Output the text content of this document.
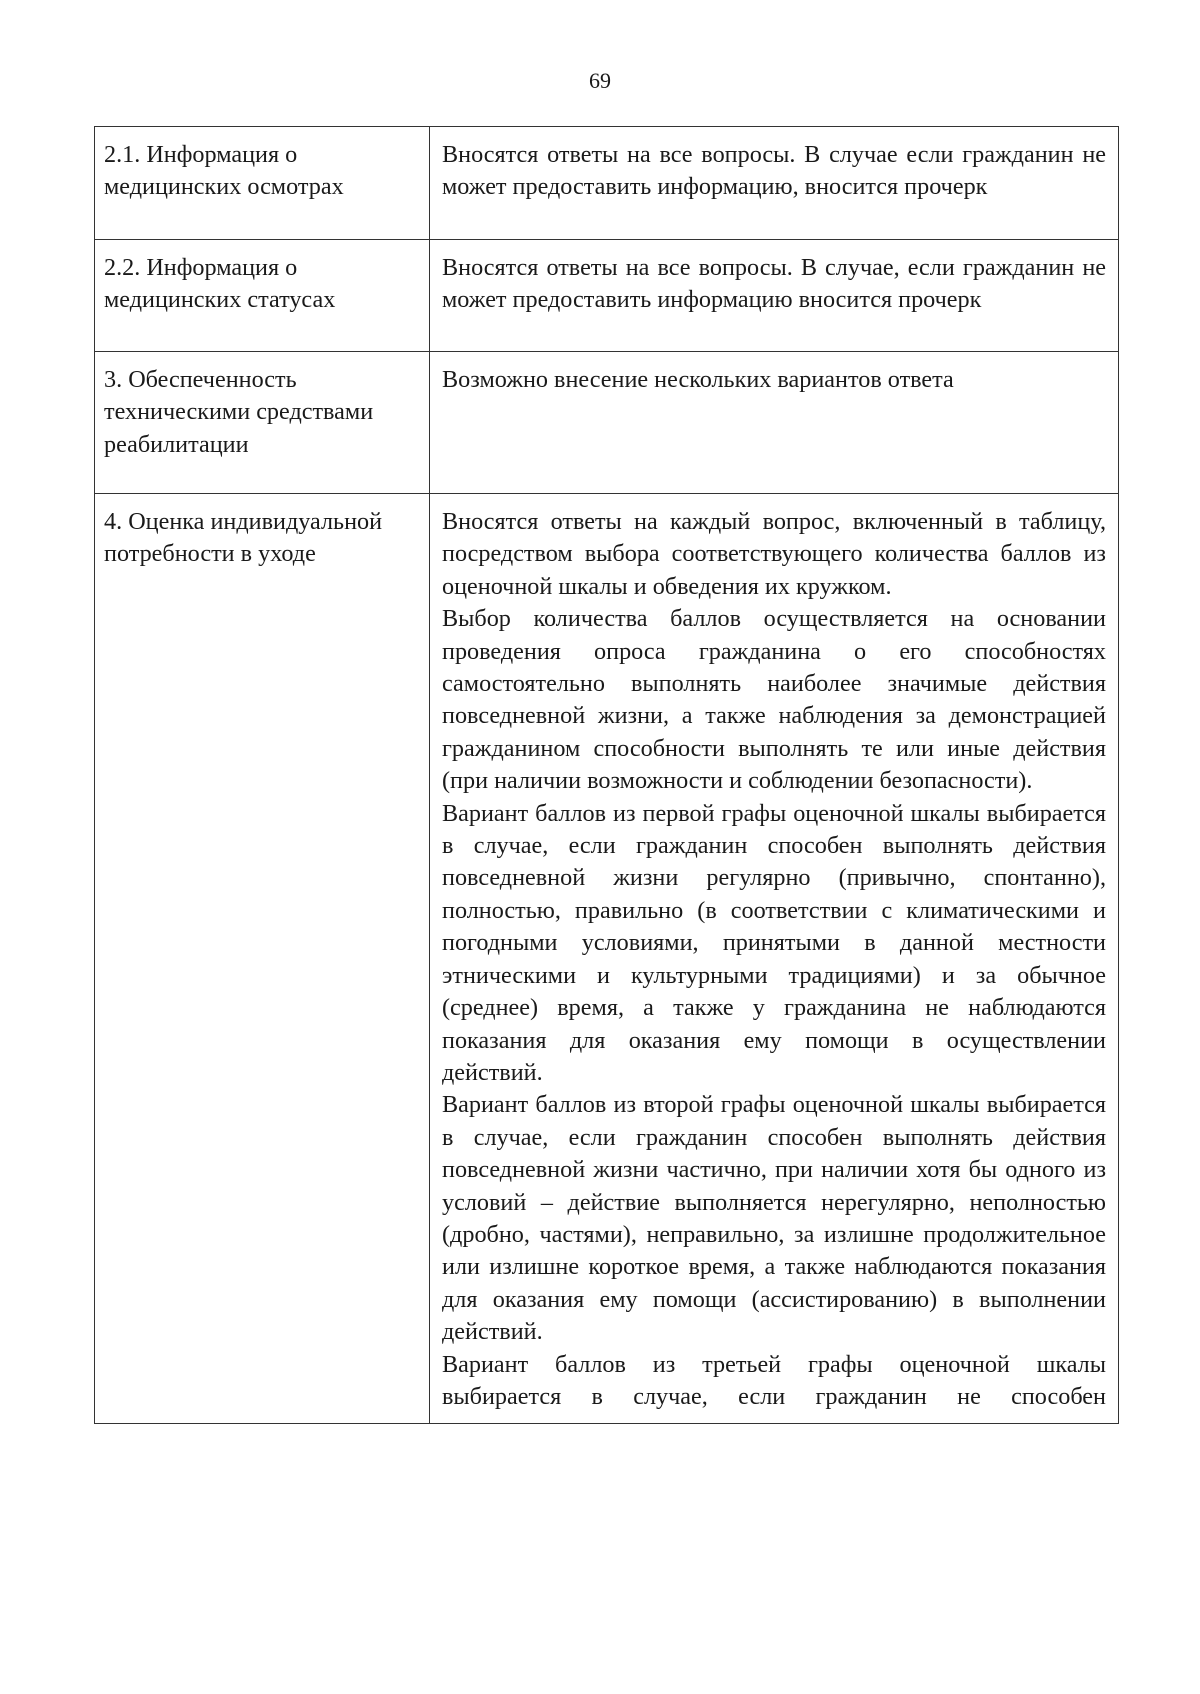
69
2.1. Информация о медицинских осмотрах	Вносятся ответы на все вопросы. В случае если гражданин не может предоставить информацию, вносится прочерк
2.2. Информация о медицинских статусах	Вносятся ответы на все вопросы. В случае, если гражданин не может предоставить информацию вносится прочерк
3. Обеспеченность техническими средствами реабилитации	Возможно внесение нескольких вариантов ответа
4. Оценка индивидуальной потребности в уходе	Вносятся ответы на каждый вопрос, включенный в таблицу, посредством выбора соответствующего количества баллов из оценочной шкалы и обведения их кружком.

Выбор количества баллов осуществляется на основании проведения опроса гражданина о его способностях самостоятельно выполнять наиболее значимые действия повседневной жизни, а также наблюдения за демонстрацией гражданином способности выполнять те или иные действия (при наличии возможности и соблюдении безопасности).

Вариант баллов из первой графы оценочной шкалы выбирается в случае, если гражданин способен выполнять действия повседневной жизни регулярно (привычно, спонтанно), полностью, правильно (в соответствии с климатическими и погодными условиями, принятыми в данной местности этническими и культурными традициями) и за обычное (среднее) время, а также у гражданина не наблюдаются показания для оказания ему помощи в осуществлении действий.

Вариант баллов из второй графы оценочной шкалы выбирается в случае, если гражданин способен выполнять действия повседневной жизни частично, при наличии хотя бы одного из условий – действие выполняется нерегулярно, неполностью (дробно, частями), неправильно, за излишне продолжительное или излишне короткое время, а также наблюдаются показания для оказания ему помощи (ассистированию) в выполнении действий.

Вариант баллов из третьей графы оценочной шкалы выбирается в случае, если гражданин не способен
